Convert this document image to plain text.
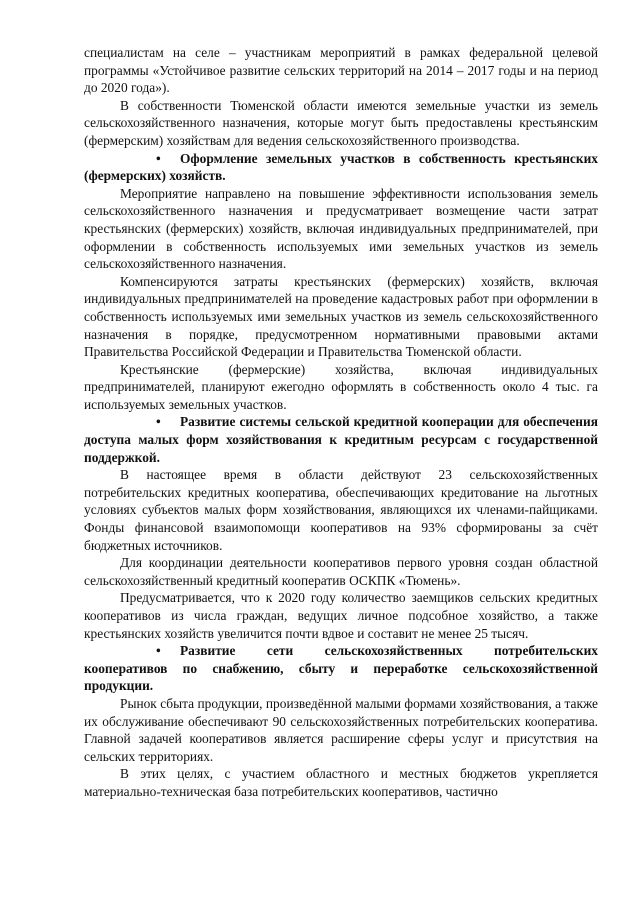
специалистам на селе – участникам мероприятий в рамках федеральной целевой программы «Устойчивое развитие сельских территорий на 2014 – 2017 годы и на период до 2020 года»).

В собственности Тюменской области имеются земельные участки из земель сельскохозяйственного назначения, которые могут быть предоставлены крестьянским (фермерским) хозяйствам для ведения сельскохозяйственного производства.

• Оформление земельных участков в собственность крестьянских (фермерских) хозяйств.

Мероприятие направлено на повышение эффективности использования земель сельскохозяйственного назначения и предусматривает возмещение части затрат крестьянских (фермерских) хозяйств, включая индивидуальных предпринимателей, при оформлении в собственность используемых ими земельных участков из земель сельскохозяйственного назначения.

Компенсируются затраты крестьянских (фермерских) хозяйств, включая индивидуальных предпринимателей на проведение кадастровых работ при оформлении в собственность используемых ими земельных участков из земель сельскохозяйственного назначения в порядке, предусмотренном нормативными правовыми актами Правительства Российской Федерации и Правительства Тюменской области.

Крестьянские (фермерские) хозяйства, включая индивидуальных предпринимателей, планируют ежегодно оформлять в собственность около 4 тыс. га используемых земельных участков.

• Развитие системы сельской кредитной кооперации для обеспечения доступа малых форм хозяйствования к кредитным ресурсам с государственной поддержкой.

В настоящее время в области действуют 23 сельскохозяйственных потребительских кредитных кооператива, обеспечивающих кредитование на льготных условиях субъектов малых форм хозяйствования, являющихся их членами-пайщиками. Фонды финансовой взаимопомощи кооперативов на 93% сформированы за счёт бюджетных источников.

Для координации деятельности кооперативов первого уровня создан областной сельскохозяйственный кредитный кооператив ОСКПК «Тюмень».

Предусматривается, что к 2020 году количество заемщиков сельских кредитных кооперативов из числа граждан, ведущих личное подсобное хозяйство, а также крестьянских хозяйств увеличится почти вдвое и составит не менее 25 тысяч.

• Развитие сети сельскохозяйственных потребительских кооперативов по снабжению, сбыту и переработке сельскохозяйственной продукции.

Рынок сбыта продукции, произведённой малыми формами хозяйствования, а также их обслуживание обеспечивают 90 сельскохозяйственных потребительских кооператива. Главной задачей кооперативов является расширение сферы услуг и присутствия на сельских территориях.

В этих целях, с участием областного и местных бюджетов укрепляется материально-техническая база потребительских кооперативов, частично
